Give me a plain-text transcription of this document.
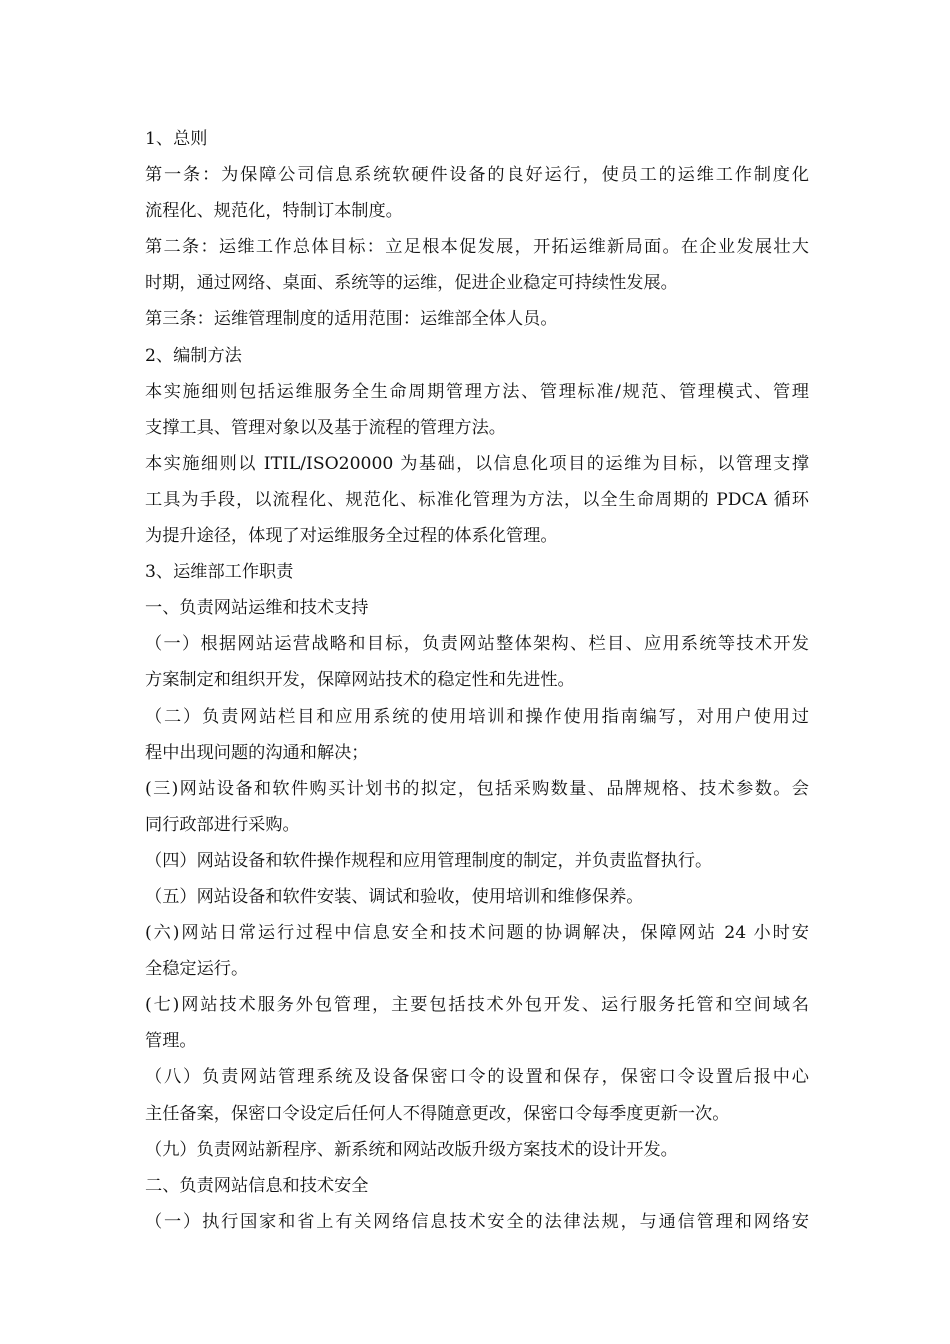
1、总则
第一条：为保障公司信息系统软硬件设备的良好运行，使员工的运维工作制度化
流程化、规范化，特制订本制度。
第二条：运维工作总体目标：立足根本促发展，开拓运维新局面。在企业发展壮大
时期，通过网络、桌面、系统等的运维，促进企业稳定可持续性发展。
第三条：运维管理制度的适用范围：运维部全体人员。
2、编制方法
本实施细则包括运维服务全生命周期管理方法、管理标准/规范、管理模式、管理
支撑工具、管理对象以及基于流程的管理方法。
本实施细则以 ITIL/ISO20000 为基础，以信息化项目的运维为目标，以管理支撑
工具为手段，以流程化、规范化、标准化管理为方法，以全生命周期的 PDCA 循环
为提升途径，体现了对运维服务全过程的体系化管理。
3、运维部工作职责
一、负责网站运维和技术支持
（一）根据网站运营战略和目标，负责网站整体架构、栏目、应用系统等技术开发
方案制定和组织开发，保障网站技术的稳定性和先进性。
（二）负责网站栏目和应用系统的使用培训和操作使用指南编写，对用户使用过
程中出现问题的沟通和解决；
(三)网站设备和软件购买计划书的拟定，包括采购数量、品牌规格、技术参数。会
同行政部进行采购。
（四）网站设备和软件操作规程和应用管理制度的制定，并负责监督执行。
（五）网站设备和软件安装、调试和验收，使用培训和维修保养。
(六)网站日常运行过程中信息安全和技术问题的协调解决，保障网站 24 小时安
全稳定运行。
(七)网站技术服务外包管理，主要包括技术外包开发、运行服务托管和空间域名
管理。
（八）负责网站管理系统及设备保密口令的设置和保存，保密口令设置后报中心
主任备案，保密口令设定后任何人不得随意更改，保密口令每季度更新一次。
（九）负责网站新程序、新系统和网站改版升级方案技术的设计开发。
二、负责网站信息和技术安全
（一）执行国家和省上有关网络信息技术安全的法律法规，与通信管理和网络安
